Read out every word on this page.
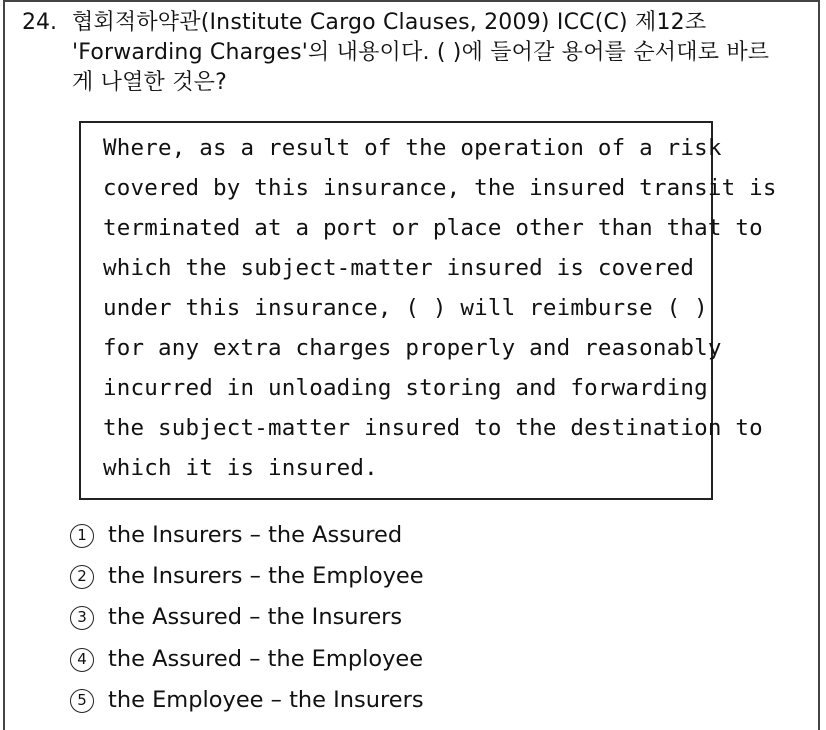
24. 협회적하약관(Institute Cargo Clauses, 2009) ICC(C) 제12조 'Forwarding Charges'의 내용이다. ( )에 들어갈 용어를 순서대로 바르게 나열한 것은?
Where, as a result of the operation of a risk
covered by this insurance, the insured transit is
terminated at a port or place other than that to
which the subject-matter insured is covered
under this insurance, ( ) will reimburse ( )
for any extra charges properly and reasonably
incurred in unloading storing and forwarding
the subject-matter insured to the destination to
which it is insured.
1 the Insurers – the Assured
2 the Insurers – the Employee
3 the Assured – the Insurers
4 the Assured – the Employee
5 the Employee – the Insurers
